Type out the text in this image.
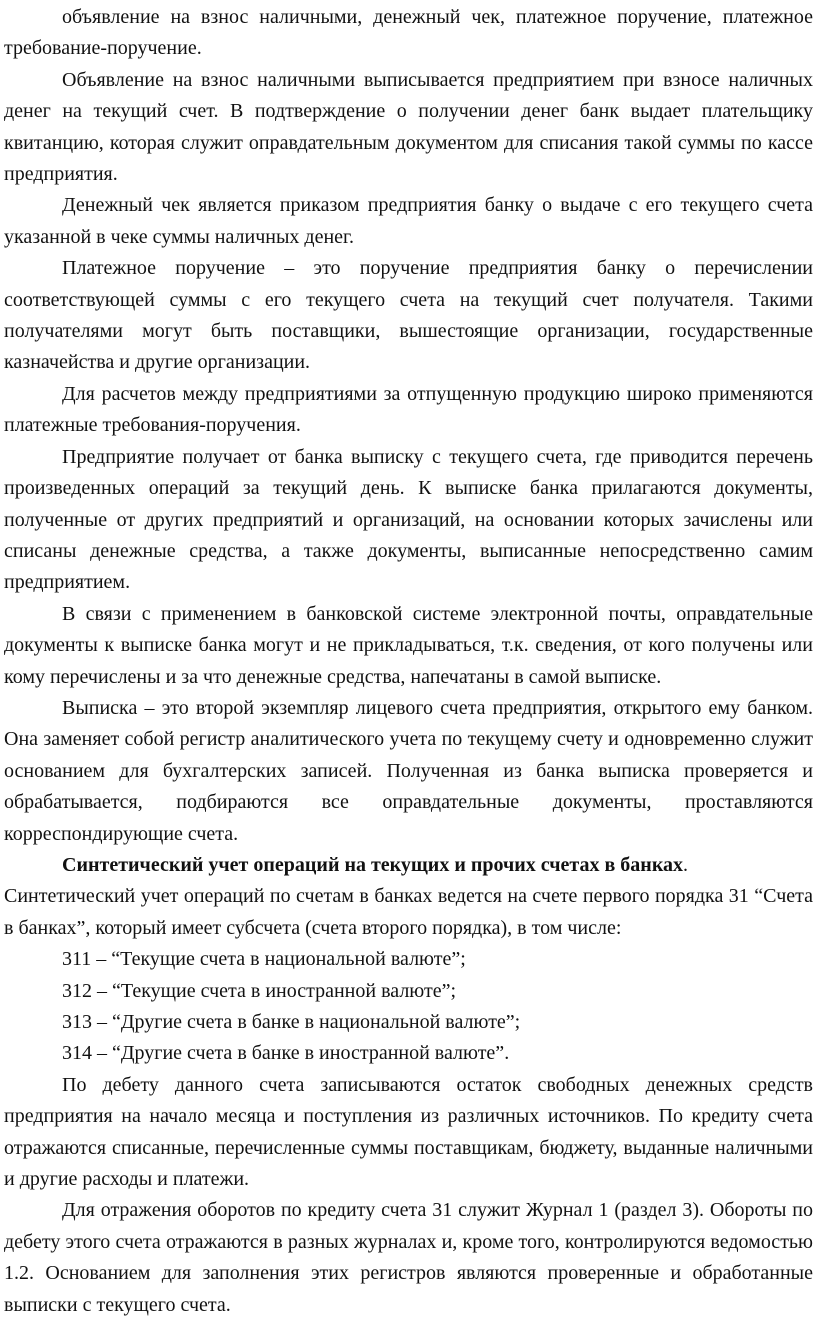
объявление на взнос наличными, денежный чек, платежное поручение, платежное требование-поручение.

Объявление на взнос наличными выписывается предприятием при взносе наличных денег на текущий счет. В подтверждение о получении денег банк выдает плательщику квитанцию, которая служит оправдательным документом для списания такой суммы по кассе предприятия.

Денежный чек является приказом предприятия банку о выдаче с его текущего счета указанной в чеке суммы наличных денег.

Платежное поручение – это поручение предприятия банку о перечислении соответствующей суммы с его текущего счета на текущий счет получателя. Такими получателями могут быть поставщики, вышестоящие организации, государственные казначейства и другие организации.

Для расчетов между предприятиями за отпущенную продукцию широко применяются платежные требования-поручения.

Предприятие получает от банка выписку с текущего счета, где приводится перечень произведенных операций за текущий день. К выписке банка прилагаются документы, полученные от других предприятий и организаций, на основании которых зачислены или списаны денежные средства, а также документы, выписанные непосредственно самим предприятием.

В связи с применением в банковской системе электронной почты, оправдательные документы к выписке банка могут и не прикладываться, т.к. сведения, от кого получены или кому перечислены и за что денежные средства, напечатаны в самой выписке.

Выписка – это второй экземпляр лицевого счета предприятия, открытого ему банком. Она заменяет собой регистр аналитического учета по текущему счету и одновременно служит основанием для бухгалтерских записей. Полученная из банка выписка проверяется и обрабатывается, подбираются все оправдательные документы, проставляются корреспондирующие счета.

Синтетический учет операций на текущих и прочих счетах в банках.

Синтетический учет операций по счетам в банках ведется на счете первого порядка 31 “Счета в банках”, который имеет субсчета (счета второго порядка), в том числе:

311 – “Текущие счета в национальной валюте”;

312 – “Текущие счета в иностранной валюте”;

313 – “Другие счета в банке в национальной валюте”;

314 – “Другие счета в банке в иностранной валюте”.

По дебету данного счета записываются остаток свободных денежных средств предприятия на начало месяца и поступления из различных источников. По кредиту счета отражаются списанные, перечисленные суммы поставщикам, бюджету, выданные наличными и другие расходы и платежи.

Для отражения оборотов по кредиту счета 31 служит Журнал 1 (раздел 3). Обороты по дебету этого счета отражаются в разных журналах и, кроме того, контролируются ведомостью 1.2. Основанием для заполнения этих регистров являются проверенные и обработанные выписки с текущего счета.
